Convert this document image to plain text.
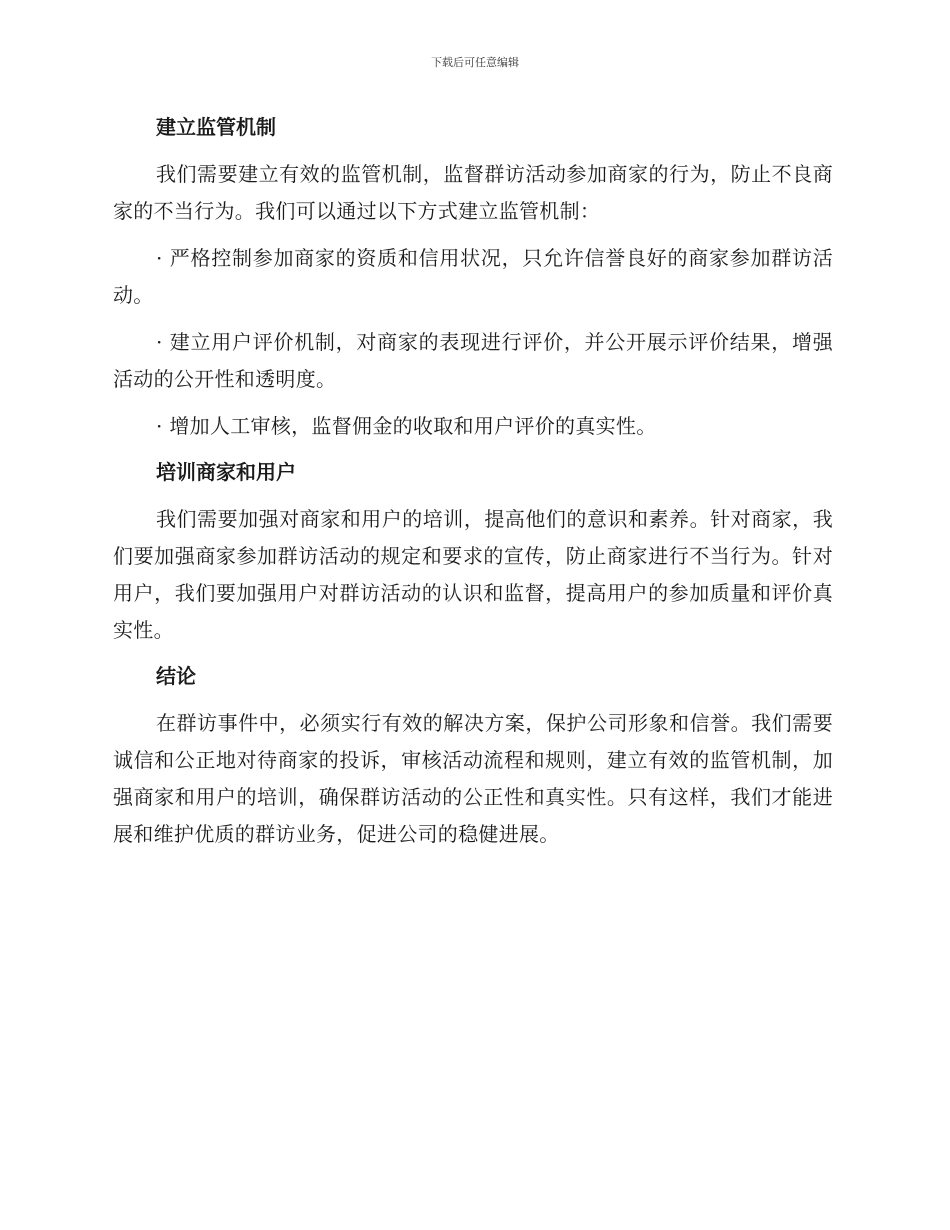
下载后可任意编辑
建立监管机制

我们需要建立有效的监管机制，监督群访活动参加商家的行为，防止不良商家的不当行为。我们可以通过以下方式建立监管机制：

· 严格控制参加商家的资质和信用状况，只允许信誉良好的商家参加群访活动。

· 建立用户评价机制，对商家的表现进行评价，并公开展示评价结果，增强活动的公开性和透明度。

· 增加人工审核，监督佣金的收取和用户评价的真实性。

培训商家和用户

我们需要加强对商家和用户的培训，提高他们的意识和素养。针对商家，我们要加强商家参加群访活动的规定和要求的宣传，防止商家进行不当行为。针对用户，我们要加强用户对群访活动的认识和监督，提高用户的参加质量和评价真实性。

结论

在群访事件中，必须实行有效的解决方案，保护公司形象和信誉。我们需要诚信和公正地对待商家的投诉，审核活动流程和规则，建立有效的监管机制，加强商家和用户的培训，确保群访活动的公正性和真实性。只有这样，我们才能进展和维护优质的群访业务，促进公司的稳健进展。
